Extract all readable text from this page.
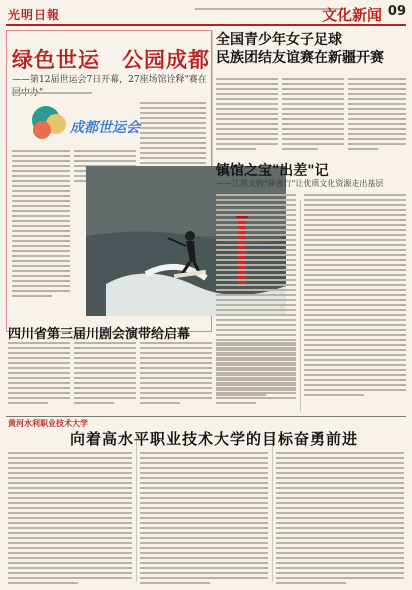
光明日報	文化新闻 09
绿色世运　公园成都
——第12届世运会7日开幕，27座场馆诠释"赛在
成都世运会
全国青少年女子足球
民族团结友谊赛在新疆开赛
镇馆之宝"出差"记
——江苏文物"驿省行"让优质文化资源走出基层
四川省第三届川剧会演带给启幕
黄河水利职业技术大学
向着高水平职业技术大学的目标奋勇前进
